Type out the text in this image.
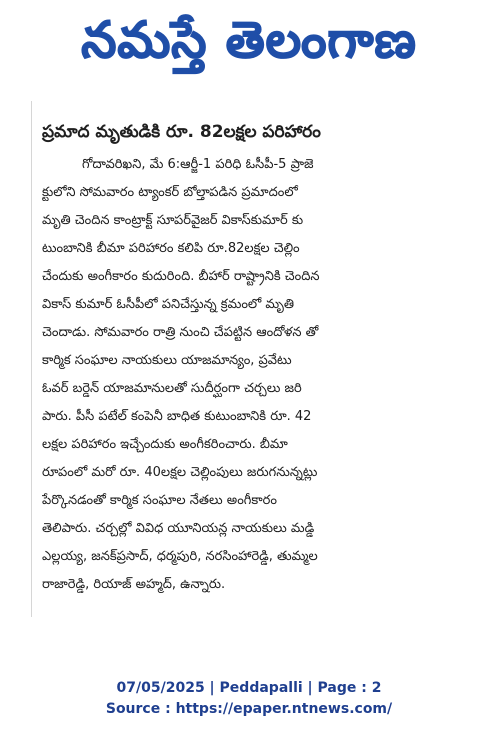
నమస్తే తెలంగాణ
ప్రమాద మృతుడికి రూ. 82లక్షల పరిహారం
గోదావరిఖని, మే 6:ఆర్జీ-1 పరిధి ఓసీపీ-5 ప్రాజె
క్టులోని సోమవారం ట్యాంకర్ బోల్తాపడిన ప్రమాదంలో
మృతి చెందిన కాంట్రాక్ట్ సూపర్‌వైజర్ వికాస్‌కుమార్ కు
టుంబానికి బీమా పరిహారం కలిపి రూ.82లక్షల చెల్లిం
చేందుకు అంగీకారం కుదురింది. బీహార్ రాష్ట్రానికి చెందిన
వికాస్ కుమార్ ఓసీపీలో పనిచేస్తున్న క్రమంలో మృతి
చెందాడు. సోమవారం రాత్రి నుంచి చేపట్టిన ఆందోళన తో
కార్మిక సంఘాల నాయకులు యాజమాన్యం, ప్రవేటు
ఓవర్ బర్డెన్ యాజమానులతో సుదీర్ఘంగా చర్చలు జరి
పారు. పీసీ పటేల్ కంపెనీ బాధిత కుటుంబానికి రూ. 42
లక్షల పరిహారం ఇచ్చేందుకు అంగీకరించారు. బీమా
రూపంలో మరో రూ. 40లక్షల చెల్లింపులు జరుగనున్నట్లు
పేర్కొనడంతో కార్మిక సంఘాల నేతలు అంగీకారం
తెలిపారు. చర్చల్లో వివిధ యూనియన్ల నాయకులు మడ్డి
ఎల్లయ్య, జనక్‌ప్రసాద్, ధర్మపురి, నరసింహారెడ్డి, తుమ్మల
రాజారెడ్డి, రియాజ్ అహ్మద్, ఉన్నారు.
07/05/2025 | Peddapalli | Page : 2
Source : https://epaper.ntnews.com/
